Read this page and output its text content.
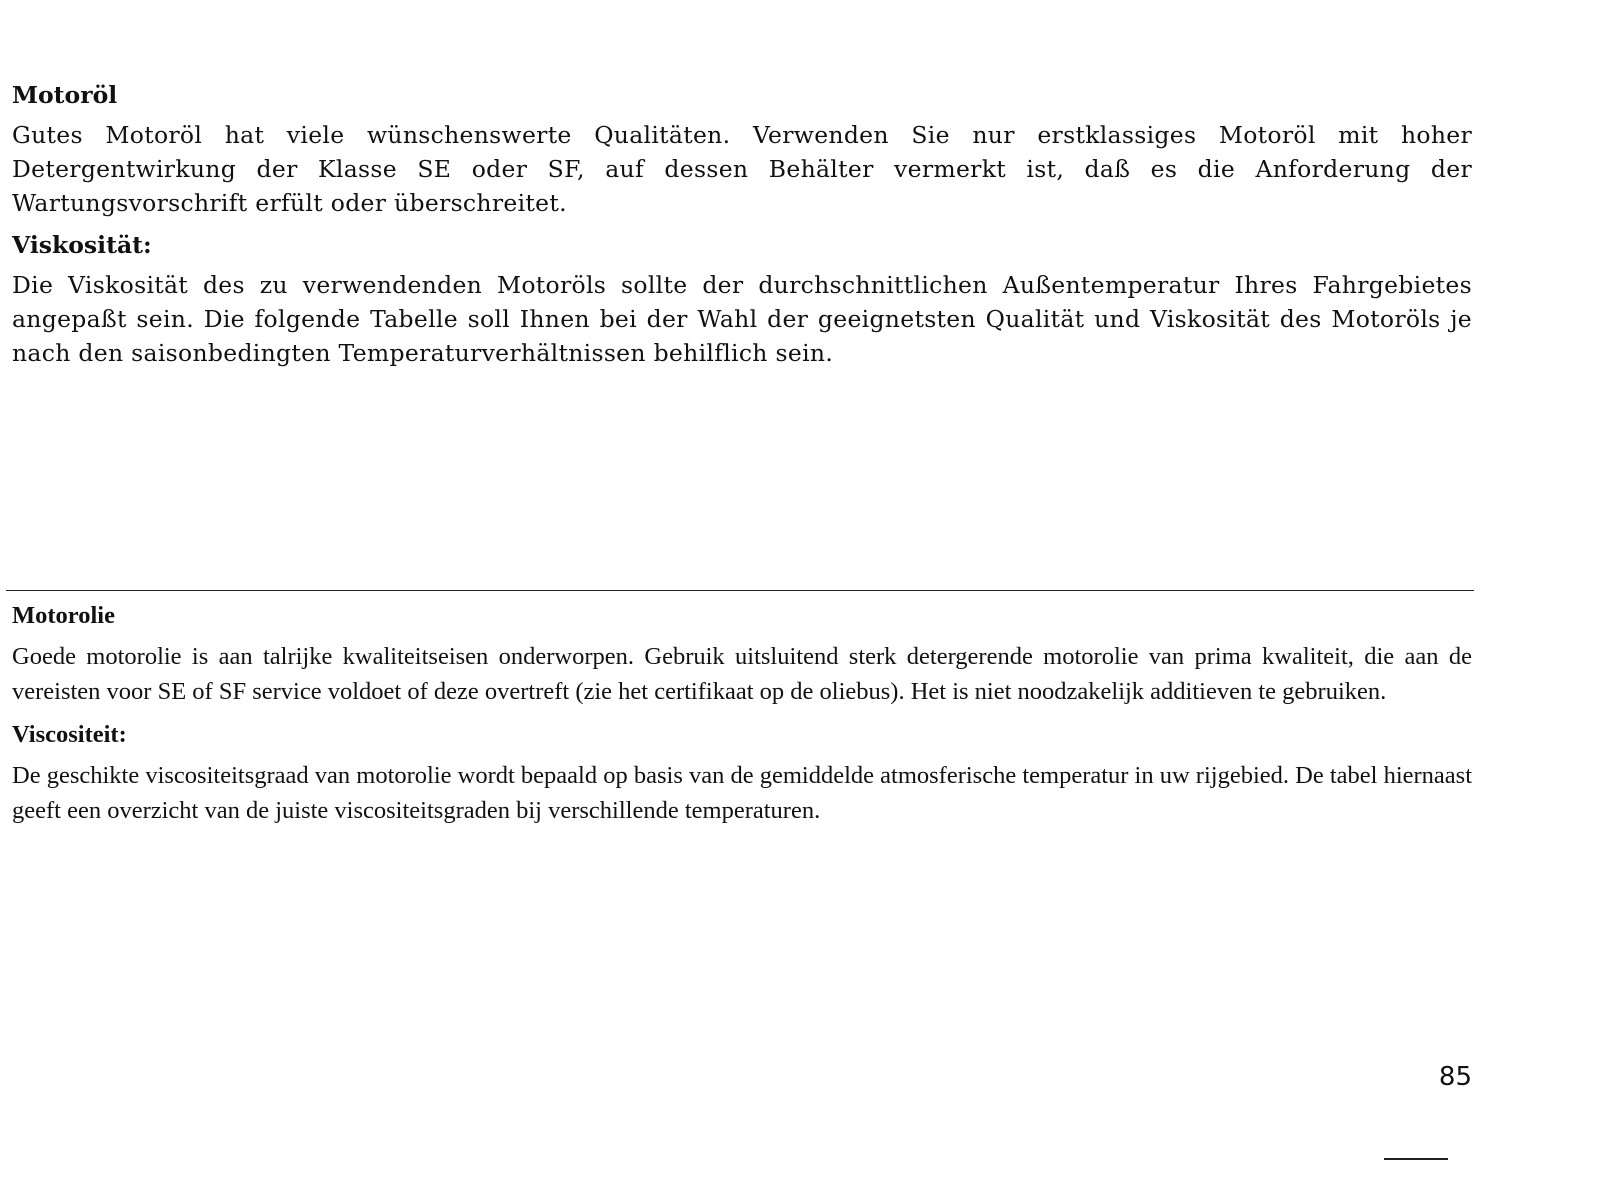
Motoröl

Gutes Motoröl hat viele wünschenswerte Qualitäten. Verwenden Sie nur erstklassiges Motoröl mit hoher Detergentwirkung der Klasse SE oder SF, auf dessen Behälter vermerkt ist, daß es die Anforderung der Wartungsvorschrift erfült oder überschreitet.

Viskosität:

Die Viskosität des zu verwendenden Motoröls sollte der durchschnittlichen Außentemperatur Ihres Fahrgebietes angepaßt sein. Die folgende Tabelle soll Ihnen bei der Wahl der geeignetsten Qualität und Viskosität des Motoröls je nach den saisonbedingten Temperaturverhältnissen behilflich sein.

Motorolie

Goede motorolie is aan talrijke kwaliteitseisen onderworpen. Gebruik uitsluitend sterk detergerende motorolie van prima kwaliteit, die aan de vereisten voor SE of SF service voldoet of deze overtreft (zie het certifikaat op de oliebus). Het is niet noodzakelijk additieven te gebruiken.

Viscositeit:

De geschikte viscositeitsgraad van motorolie wordt bepaald op basis van de gemiddelde atmosferische temperatur in uw rijgebied. De tabel hiernaast geeft een overzicht van de juiste viscositeitsgraden bij verschillende temperaturen.

85
